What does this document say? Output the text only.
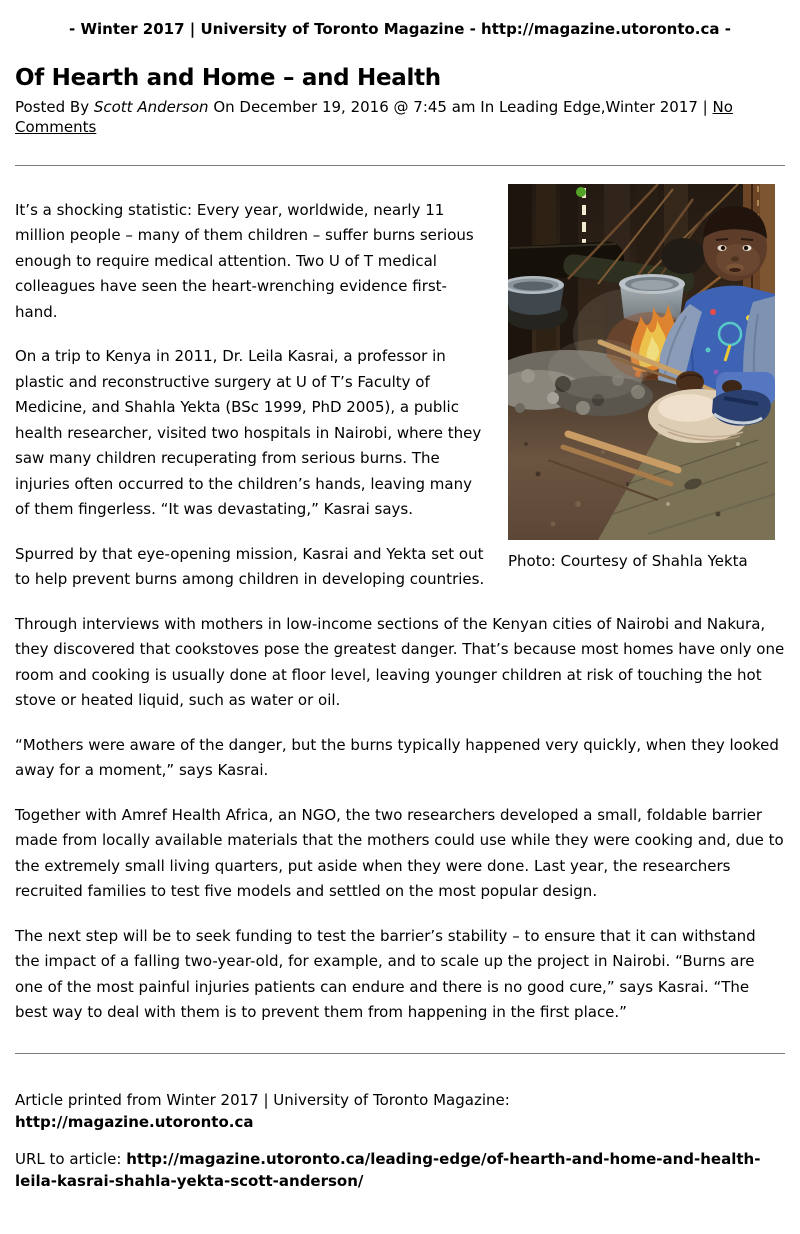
- Winter 2017 | University of Toronto Magazine - http://magazine.utoronto.ca -
Of Hearth and Home – and Health

Posted By Scott Anderson On December 19, 2016 @ 7:45 am In Leading Edge,Winter 2017 | No Comments

Photo: Courtesy of Shahla Yekta

It’s a shocking statistic: Every year, worldwide, nearly 11 million people – many of them children – suffer burns serious enough to require medical attention. Two U of T medical colleagues have seen the heart-wrenching evidence first-hand.

On a trip to Kenya in 2011, Dr. Leila Kasrai, a professor in plastic and reconstructive surgery at U of T’s Faculty of Medicine, and Shahla Yekta (BSc 1999, PhD 2005), a public health researcher, visited two hospitals in Nairobi, where they saw many children recuperating from serious burns. The injuries often occurred to the children’s hands, leaving many of them fingerless. “It was devastating,” Kasrai says.

Spurred by that eye-opening mission, Kasrai and Yekta set out to help prevent burns among children in developing countries.

Through interviews with mothers in low-income sections of the Kenyan cities of Nairobi and Nakura, they discovered that cookstoves pose the greatest danger. That’s because most homes have only one room and cooking is usually done at floor level, leaving younger children at risk of touching the hot stove or heated liquid, such as water or oil.

“Mothers were aware of the danger, but the burns typically happened very quickly, when they looked away for a moment,” says Kasrai.

Together with Amref Health Africa, an NGO, the two researchers developed a small, foldable barrier made from locally available materials that the mothers could use while they were cooking and, due to the extremely small living quarters, put aside when they were done. Last year, the researchers recruited families to test five models and settled on the most popular design.

The next step will be to seek funding to test the barrier’s stability – to ensure that it can withstand the impact of a falling two-year-old, for example, and to scale up the project in Nairobi. “Burns are one of the most painful injuries patients can endure and there is no good cure,” says Kasrai. “The best way to deal with them is to prevent them from happening in the first place.”

Article printed from Winter 2017 | University of Toronto Magazine:
http://magazine.utoronto.ca

URL to article: http://magazine.utoronto.ca/leading-edge/of-hearth-and-home-and-health-leila-kasrai-shahla-yekta-scott-anderson/
